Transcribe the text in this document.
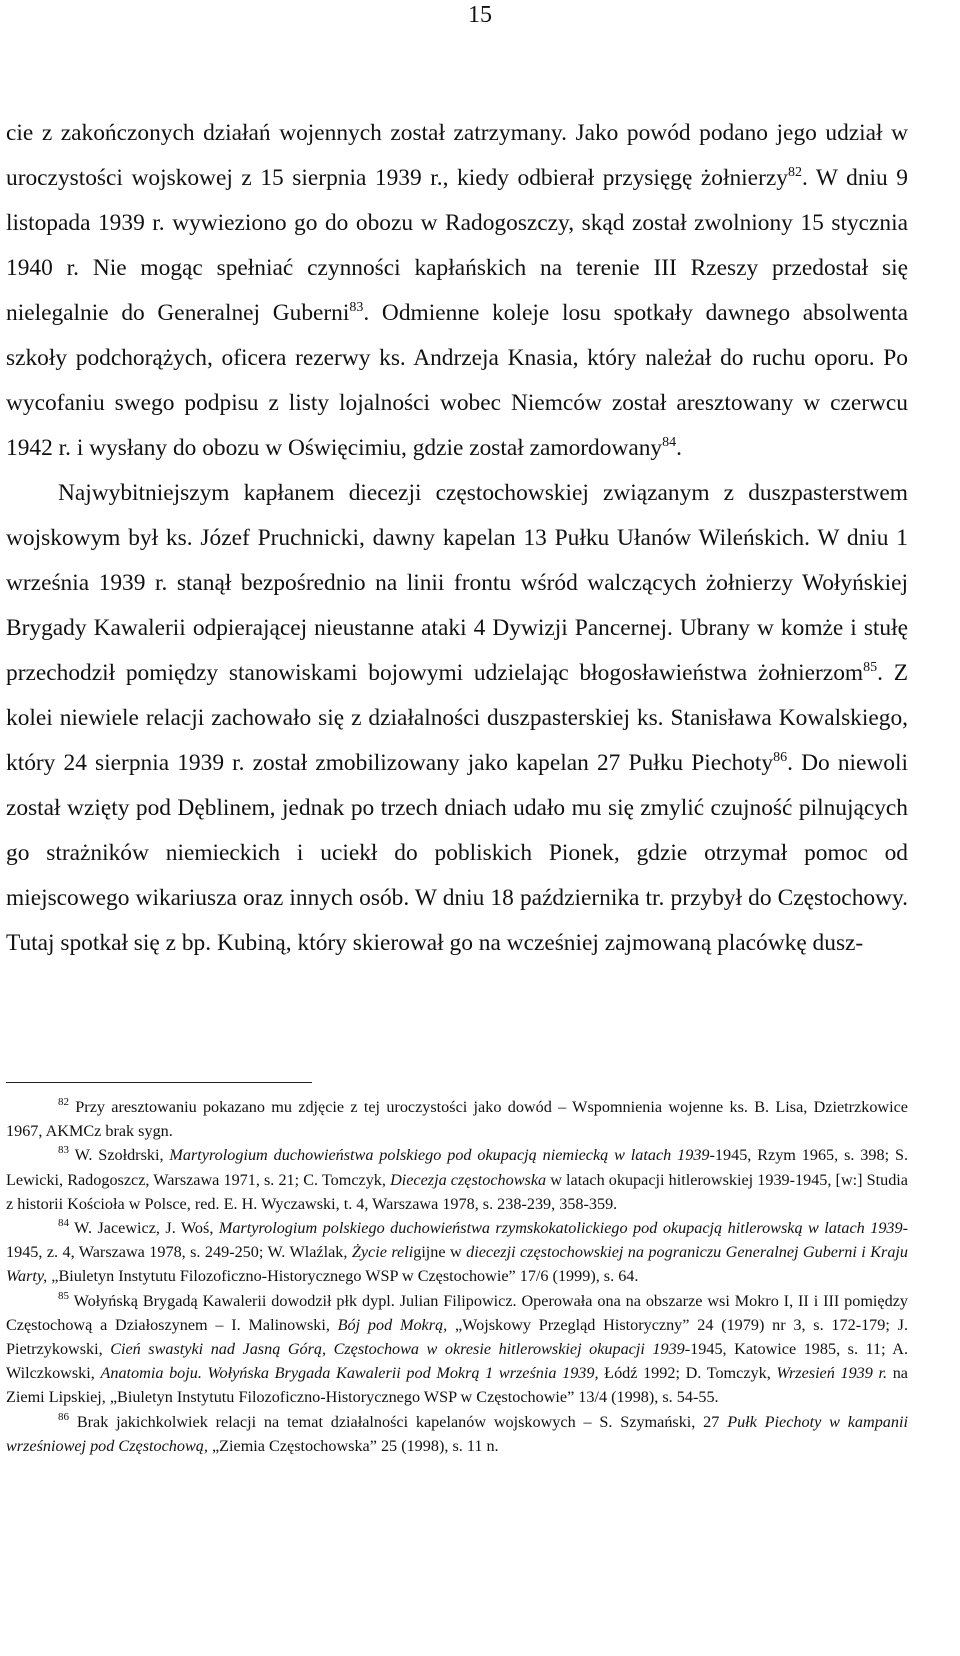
15

cie z zakończonych działań wojennych został zatrzymany. Jako powód podano jego udział w uroczystości wojskowej z 15 sierpnia 1939 r., kiedy odbierał przysięgę żołnierzy$^{82}$. W dniu 9 listopada 1939 r. wywieziono go do obozu w Radogoszczy, skąd został zwolniony 15 stycznia 1940 r. Nie mogąc spełniać czynności kapłańskich na terenie III Rzeszy przedostał się nielegalnie do Generalnej Guberni$^{83}$. Odmienne koleje losu spotkały dawnego absolwenta szkoły podchorążych, oficera rezerwy ks. Andrzeja Knasia, który należał do ruchu oporu. Po wycofaniu swego podpisu z listy lojalności wobec Niemców został aresztowany w czerwcu 1942 r. i wysłany do obozu w Oświęcimiu, gdzie został zamordowany$^{84}$.

Najwybitniejszym kapłanem diecezji częstochowskiej związanym z duszpasterstwem wojskowym był ks. Józef Pruchnicki, dawny kapelan 13 Pułku Ułanów Wileńskich. W dniu 1 września 1939 r. stanął bezpośrednio na linii frontu wśród walczących żołnierzy Wołyńskiej Brygady Kawalerii odpierającej nieustanne ataki 4 Dywizji Pancernej. Ubrany w komże i stułę przechodził pomiędzy stanowiskami bojowymi udzielając błogosławieństwa żołnierzom$^{85}$. Z kolei niewiele relacji zachowało się z działalności duszpasterskiej ks. Stanisława Kowalskiego, który 24 sierpnia 1939 r. został zmobilizowany jako kapelan 27 Pułku Piechoty$^{86}$. Do niewoli został wzięty pod Dęblinem, jednak po trzech dniach udało mu się zmylić czujność pilnujących go strażników niemieckich i uciekł do pobliskich Pionek, gdzie otrzymał pomoc od miejscowego wikariusza oraz innych osób. W dniu 18 października tr. przybył do Częstochowy. Tutaj spotkał się z bp. Kubiną, który skierował go na wcześniej zajmowaną placówkę dusz-

$^{82}$ Przy aresztowaniu pokazano mu zdjęcie z tej uroczystości jako dowód – Wspomnienia wojenne ks. B. Lisa, Dzietrzkowice 1967, AKMCz brak sygn.

$^{83}$ W. Szołdrski, Martyrologium duchowieństwa polskiego pod okupacją niemiecką w latach 1939-1945, Rzym 1965, s. 398; S. Lewicki, Radogoszcz, Warszawa 1971, s. 21; C. Tomczyk, Diecezja częstochowska w latach okupacji hitlerowskiej 1939-1945, [w:] Studia z historii Kościoła w Polsce, red. E. H. Wyczawski, t. 4, Warszawa 1978, s. 238-239, 358-359.

$^{84}$ W. Jacewicz, J. Woś, Martyrologium polskiego duchowieństwa rzymskokatolickiego pod okupacją hitlerowską w latach 1939-1945, z. 4, Warszawa 1978, s. 249-250; W. Wlaźlak, Życie religijne w diecezji częstochowskiej na pograniczu Generalnej Guberni i Kraju Warty, „Biuletyn Instytutu Filozoficzno-Historycznego WSP w Częstochowie” 17/6 (1999), s. 64.

$^{85}$ Wołyńską Brygadą Kawalerii dowodził płk dypl. Julian Filipowicz. Operowała ona na obszarze wsi Mokro I, II i III pomiędzy Częstochową a Działoszynem – I. Malinowski, Bój pod Mokrą, „Wojskowy Przegląd Historyczny” 24 (1979) nr 3, s. 172-179; J. Pietrzykowski, Cień swastyki nad Jasną Górą, Częstochowa w okresie hitlerowskiej okupacji 1939-1945, Katowice 1985, s. 11; A. Wilczkowski, Anatomia boju. Wołyńska Brygada Kawalerii pod Mokrą 1 września 1939, Łódź 1992; D. Tomczyk, Wrzesień 1939 r. na Ziemi Lipskiej, „Biuletyn Instytutu Filozoficzno-Historycznego WSP w Częstochowie” 13/4 (1998), s. 54-55.

$^{86}$ Brak jakichkolwiek relacji na temat działalności kapelanów wojskowych – S. Szymański, 27 Pułk Piechoty w kampanii wrześniowej pod Częstochową, „Ziemia Częstochowska” 25 (1998), s. 11 n.
